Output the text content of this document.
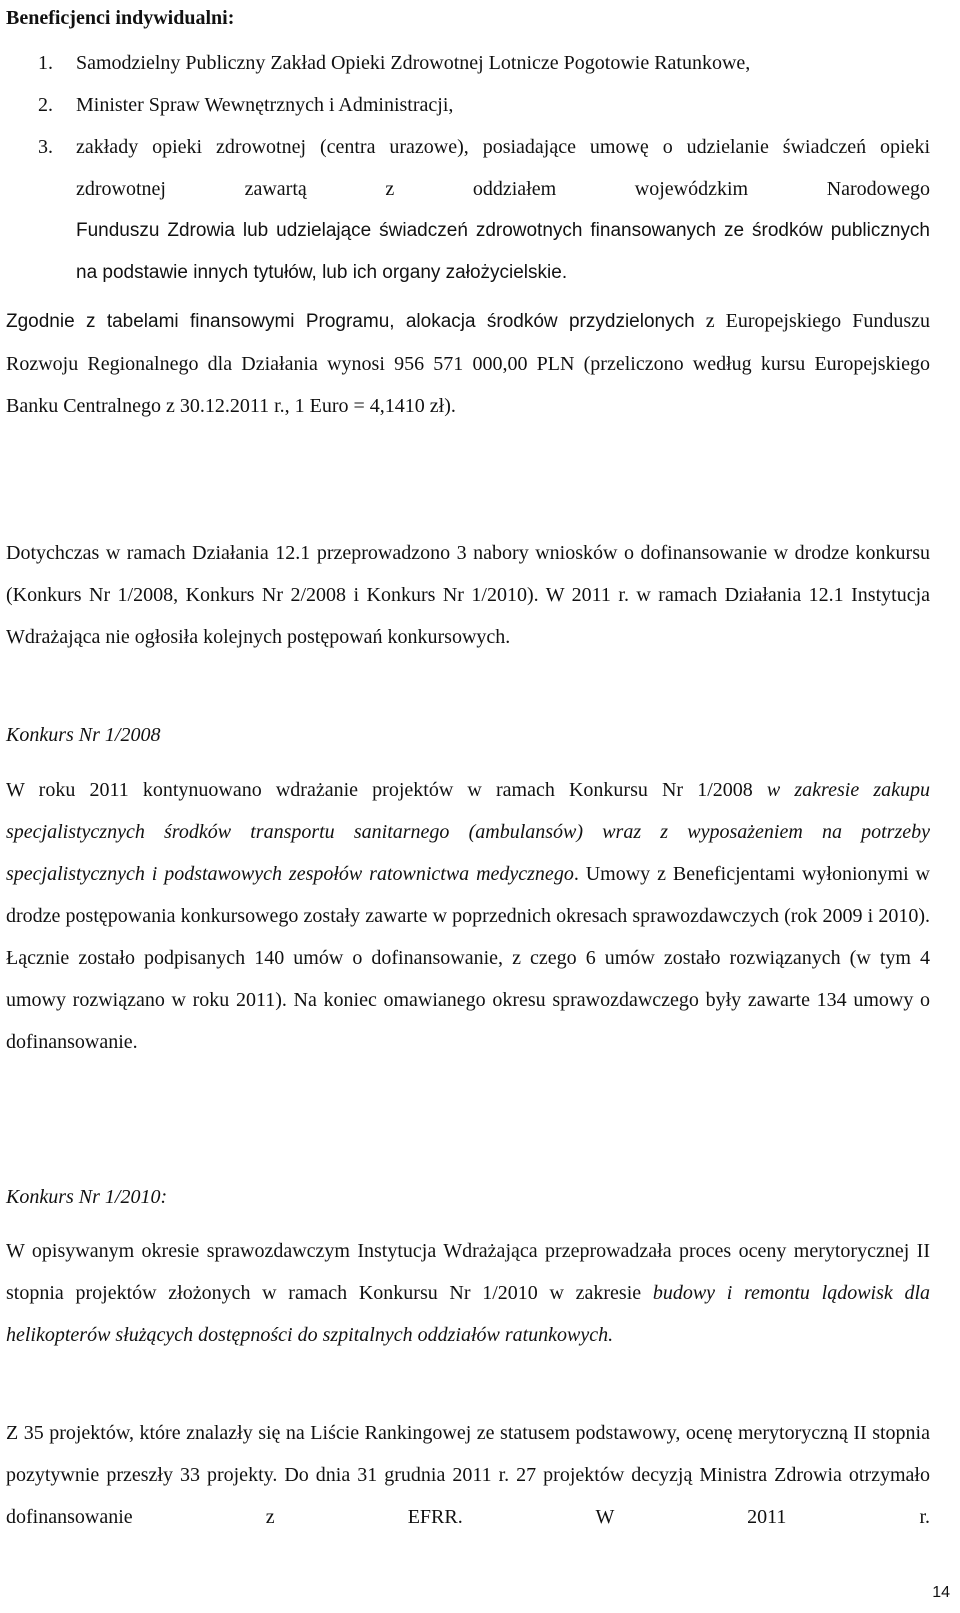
Beneficjenci indywidualni:
1. Samodzielny Publiczny Zakład Opieki Zdrowotnej Lotnicze Pogotowie Ratunkowe,
2. Minister Spraw Wewnętrznych i Administracji,
3. zakłady opieki zdrowotnej (centra urazowe), posiadające umowę o udzielanie świadczeń opieki zdrowotnej zawartą z oddziałem wojewódzkim Narodowego
Funduszu Zdrowia lub udzielające świadczeń zdrowotnych finansowanych ze środków publicznych na podstawie innych tytułów, lub ich organy założycielskie.

Zgodnie z tabelami finansowymi Programu, alokacja środków przydzielonych z Europejskiego Funduszu Rozwoju Regionalnego dla Działania wynosi 956 571 000,00 PLN (przeliczono według kursu Europejskiego Banku Centralnego z 30.12.2011 r., 1 Euro = 4,1410 zł).

Dotychczas w ramach Działania 12.1 przeprowadzono 3 nabory wniosków o dofinansowanie w drodze konkursu (Konkurs Nr 1/2008, Konkurs Nr 2/2008 i Konkurs Nr 1/2010). W 2011 r. w ramach Działania 12.1 Instytucja Wdrażająca nie ogłosiła kolejnych postępowań konkursowych.

Konkurs Nr 1/2008

W roku 2011 kontynuowano wdrażanie projektów w ramach Konkursu Nr 1/2008 w zakresie zakupu specjalistycznych środków transportu sanitarnego (ambulansów) wraz z wyposażeniem na potrzeby specjalistycznych i podstawowych zespołów ratownictwa medycznego. Umowy z Beneficjentami wyłonionymi w drodze postępowania konkursowego zostały zawarte w poprzednich okresach sprawozdawczych (rok 2009 i 2010). Łącznie zostało podpisanych 140 umów o dofinansowanie, z czego 6 umów zostało rozwiązanych (w tym 4 umowy rozwiązano w roku 2011). Na koniec omawianego okresu sprawozdawczego były zawarte 134 umowy o dofinansowanie.

Konkurs Nr 1/2010:

W opisywanym okresie sprawozdawczym Instytucja Wdrażająca przeprowadzała proces oceny merytorycznej II stopnia projektów złożonych w ramach Konkursu Nr 1/2010 w zakresie budowy i remontu lądowisk dla helikopterów służących dostępności do szpitalnych oddziałów ratunkowych.

Z 35 projektów, które znalazły się na Liście Rankingowej ze statusem podstawowy, ocenę merytoryczną II stopnia pozytywnie przeszły 33 projekty. Do dnia 31 grudnia 2011 r. 27 projektów decyzją Ministra Zdrowia otrzymało dofinansowanie z EFRR. W 2011 r.

14
